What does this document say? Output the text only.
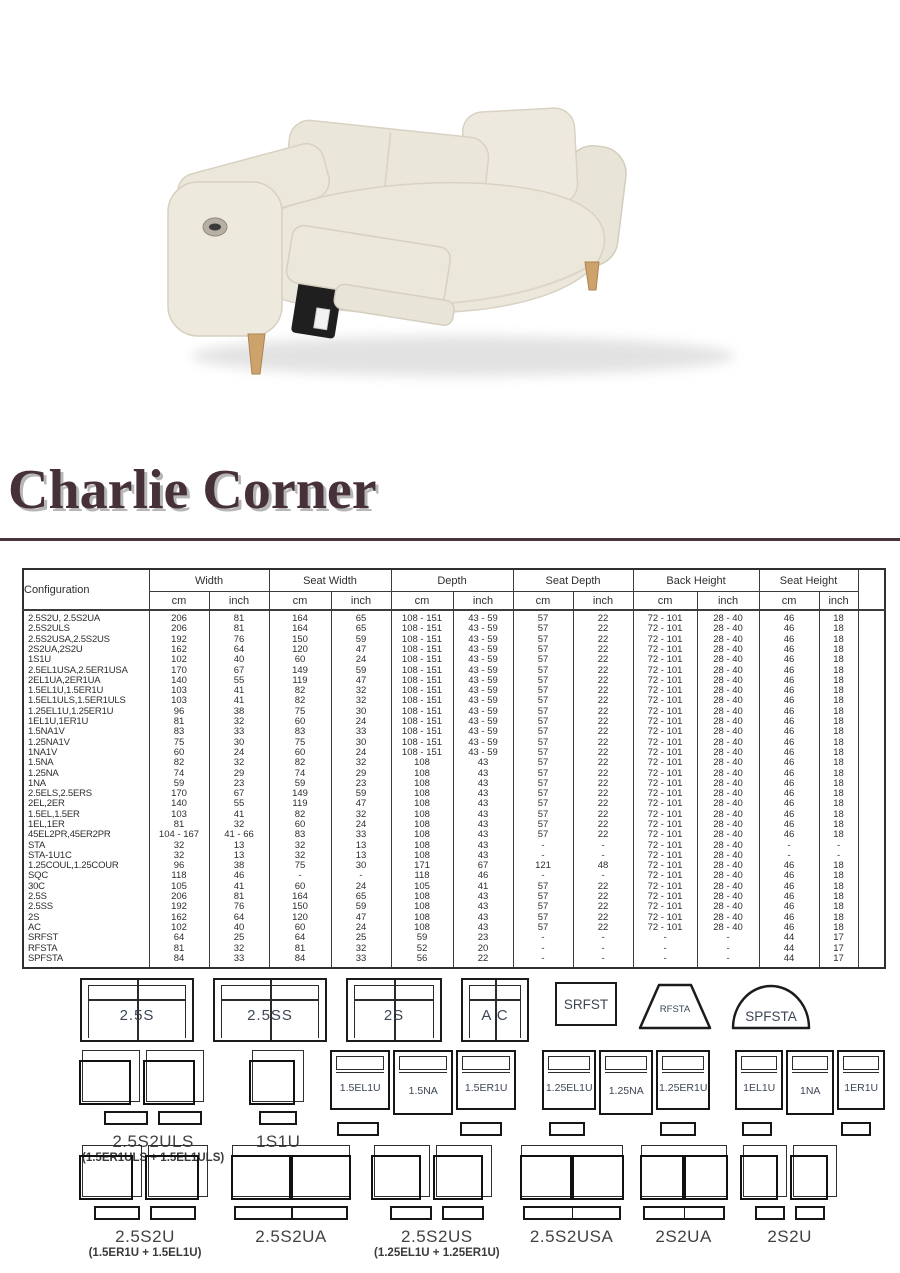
Charlie Corner
Configuration	Width		Seat Width		Depth		Seat Depth		Back Height		Seat Height		
	cm	inch	cm	inch	cm	inch	cm	inch	cm	inch	cm	inch	
2.5S2U, 2.5S2UA	206	81	164	65	108 - 151	43 - 59	57	22	72 - 101	28 - 40	46	18	
2.5S2ULS	206	81	164	65	108 - 151	43 - 59	57	22	72 - 101	28 - 40	46	18	
2.5S2USA,2.5S2US	192	76	150	59	108 - 151	43 - 59	57	22	72 - 101	28 - 40	46	18	
2S2UA,2S2U	162	64	120	47	108 - 151	43 - 59	57	22	72 - 101	28 - 40	46	18	
1S1U	102	40	60	24	108 - 151	43 - 59	57	22	72 - 101	28 - 40	46	18	
2.5EL1USA,2.5ER1USA	170	67	149	59	108 - 151	43 - 59	57	22	72 - 101	28 - 40	46	18	
2EL1UA,2ER1UA	140	55	119	47	108 - 151	43 - 59	57	22	72 - 101	28 - 40	46	18	
1.5EL1U,1.5ER1U	103	41	82	32	108 - 151	43 - 59	57	22	72 - 101	28 - 40	46	18	
1.5EL1ULS,1.5ER1ULS	103	41	82	32	108 - 151	43 - 59	57	22	72 - 101	28 - 40	46	18	
1.25EL1U,1.25ER1U	96	38	75	30	108 - 151	43 - 59	57	22	72 - 101	28 - 40	46	18	
1EL1U,1ER1U	81	32	60	24	108 - 151	43 - 59	57	22	72 - 101	28 - 40	46	18	
1.5NA1V	83	33	83	33	108 - 151	43 - 59	57	22	72 - 101	28 - 40	46	18	
1.25NA1V	75	30	75	30	108 - 151	43 - 59	57	22	72 - 101	28 - 40	46	18	
1NA1V	60	24	60	24	108 - 151	43 - 59	57	22	72 - 101	28 - 40	46	18	
1.5NA	82	32	82	32	108	43	57	22	72 - 101	28 - 40	46	18	
1.25NA	74	29	74	29	108	43	57	22	72 - 101	28 - 40	46	18	
1NA	59	23	59	23	108	43	57	22	72 - 101	28 - 40	46	18	
2.5ELS,2.5ERS	170	67	149	59	108	43	57	22	72 - 101	28 - 40	46	18	
2EL,2ER	140	55	119	47	108	43	57	22	72 - 101	28 - 40	46	18	
1.5EL,1.5ER	103	41	82	32	108	43	57	22	72 - 101	28 - 40	46	18	
1EL,1ER	81	32	60	24	108	43	57	22	72 - 101	28 - 40	46	18	
45EL2PR,45ER2PR	104 - 167	41 - 66	83	33	108	43	57	22	72 - 101	28 - 40	46	18	
STA	32	13	32	13	108	43	-	-	72 - 101	28 - 40	-	-	
STA-1U1C	32	13	32	13	108	43	-	-	72 - 101	28 - 40	-	-	
1.25COUL,1.25COUR	96	38	75	30	171	67	121	48	72 - 101	28 - 40	46	18	
SQC	118	46	-	-	118	46	-	-	72 - 101	28 - 40	46	18	
30C	105	41	60	24	105	41	57	22	72 - 101	28 - 40	46	18	
2.5S	206	81	164	65	108	43	57	22	72 - 101	28 - 40	46	18	
2.5SS	192	76	150	59	108	43	57	22	72 - 101	28 - 40	46	18	
2S	162	64	120	47	108	43	57	22	72 - 101	28 - 40	46	18	
AC	102	40	60	24	108	43	57	22	72 - 101	28 - 40	46	18	
SRFST	64	25	64	25	59	23	-	-	-	-	44	17	
RFSTA	81	32	81	32	52	20	-	-	-	-	44	17	
SPFSTA	84	33	84	33	56	22	-	-	-	-	44	17	
2.5S	2.5SS	2S	A C
SRFST	RFSTA	SPFSTA
2.5S2ULS
(1.5ER1ULS + 1.5EL1ULS)
1S1U
1.5EL1U	1.5NA	1.5ER1U	1.25EL1U 1.25NA 1.25ER1U	1EL1U 1NA 1ER1U
2.5S2U
(1.5ER1U + 1.5EL1U)
2.5S2UA	2.5S2US
(1.25EL1U + 1.25ER1U)
2.5S2USA	2S2UA	2S2U
